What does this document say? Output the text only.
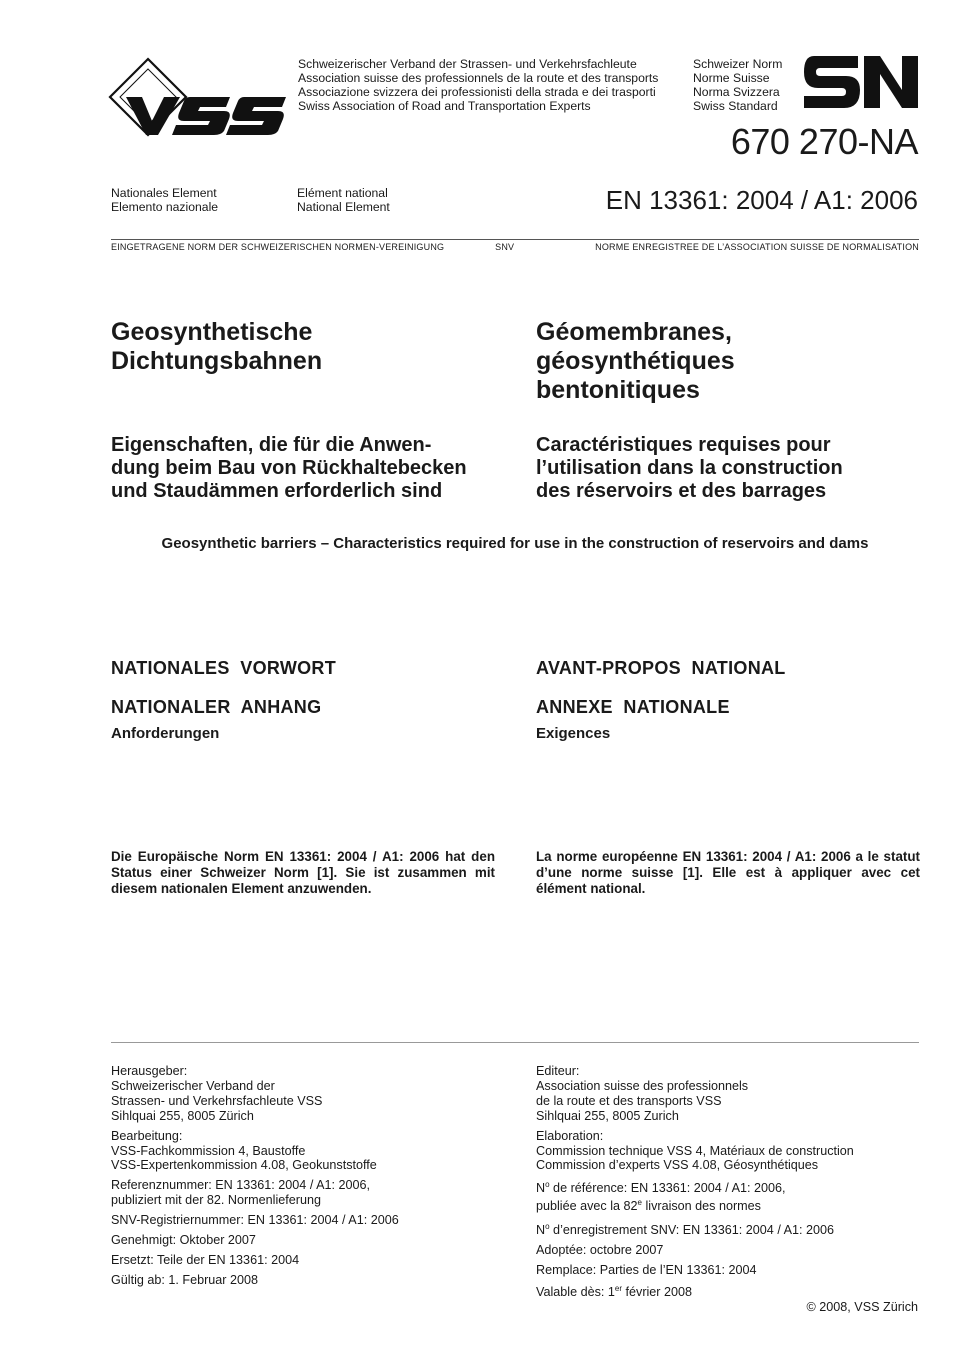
Schweizerischer Verband der Strassen- und Verkehrsfachleute
Association suisse des professionnels de la route et des transports
Associazione svizzera dei professionisti della strada e dei trasporti
Swiss Association of Road and Transportation Experts
Schweizer Norm
Norme Suisse
Norma Svizzera
Swiss Standard
670 270-NA
Nationales Element
Elemento nazionale
Elément national
National Element	EN 13361: 2004 / A1: 2006
EINGETRAGENE NORM DER SCHWEIZERISCHEN NORMEN-VEREINIGUNG	SNV	NORME ENREGISTREE DE L’ASSOCIATION SUISSE DE NORMALISATION
Geosynthetische
Dichtungsbahnen
Géomembranes,
géosynthétiques
bentonitiques
Eigenschaften, die für die Anwen-
dung beim Bau von Rückhaltebecken
und Staudämmen erforderlich sind
Caractéristiques requises pour
l’utilisation dans la construction
des réservoirs et des barrages
Geosynthetic barriers – Characteristics required for use in the construction of reservoirs and dams
NATIONALES  VORWORT	AVANT-PROPOS  NATIONAL
NATIONALER  ANHANG	ANNEXE  NATIONALE
Anforderungen	Exigences
Die Europäische Norm EN 13361: 2004 / A1: 2006 hat den Status einer Schweizer Norm [1]. Sie ist zusammen mit diesem nationalen Element anzuwenden.
La norme européenne EN 13361: 2004 / A1: 2006 a le statut d’une norme suisse [1]. Elle est à appliquer avec cet élément national.

Herausgeber:
Schweizerischer Verband der
Strassen- und Verkehrsfachleute VSS
Sihlquai 255, 8005 Zürich

Bearbeitung:
VSS-Fachkommission 4, Baustoffe
VSS-Expertenkommission 4.08, Geokunststoffe

Referenznummer: EN 13361: 2004 / A1: 2006,
publiziert mit der 82. Normenlieferung

SNV-Registriernummer: EN 13361: 2004 / A1: 2006

Genehmigt: Oktober 2007

Ersetzt: Teile der EN 13361: 2004

Gültig ab: 1. Februar 2008

Editeur:
Association suisse des professionnels
de la route et des transports VSS
Sihlquai 255, 8005 Zurich

Elaboration:
Commission technique VSS 4, Matériaux de construction
Commission d’experts VSS 4.08, Géosynthétiques

$N^o$ de référence: EN 13361: 2004 / A1: 2006,
publiée avec la 82e livraison des normes

$N^o$ d’enregistrement SNV: EN 13361: 2004 / A1: 2006

Adoptée: octobre 2007

Remplace: Parties de l’EN 13361: 2004

Valable dès: 1er février 2008

© 2008, VSS Zürich
